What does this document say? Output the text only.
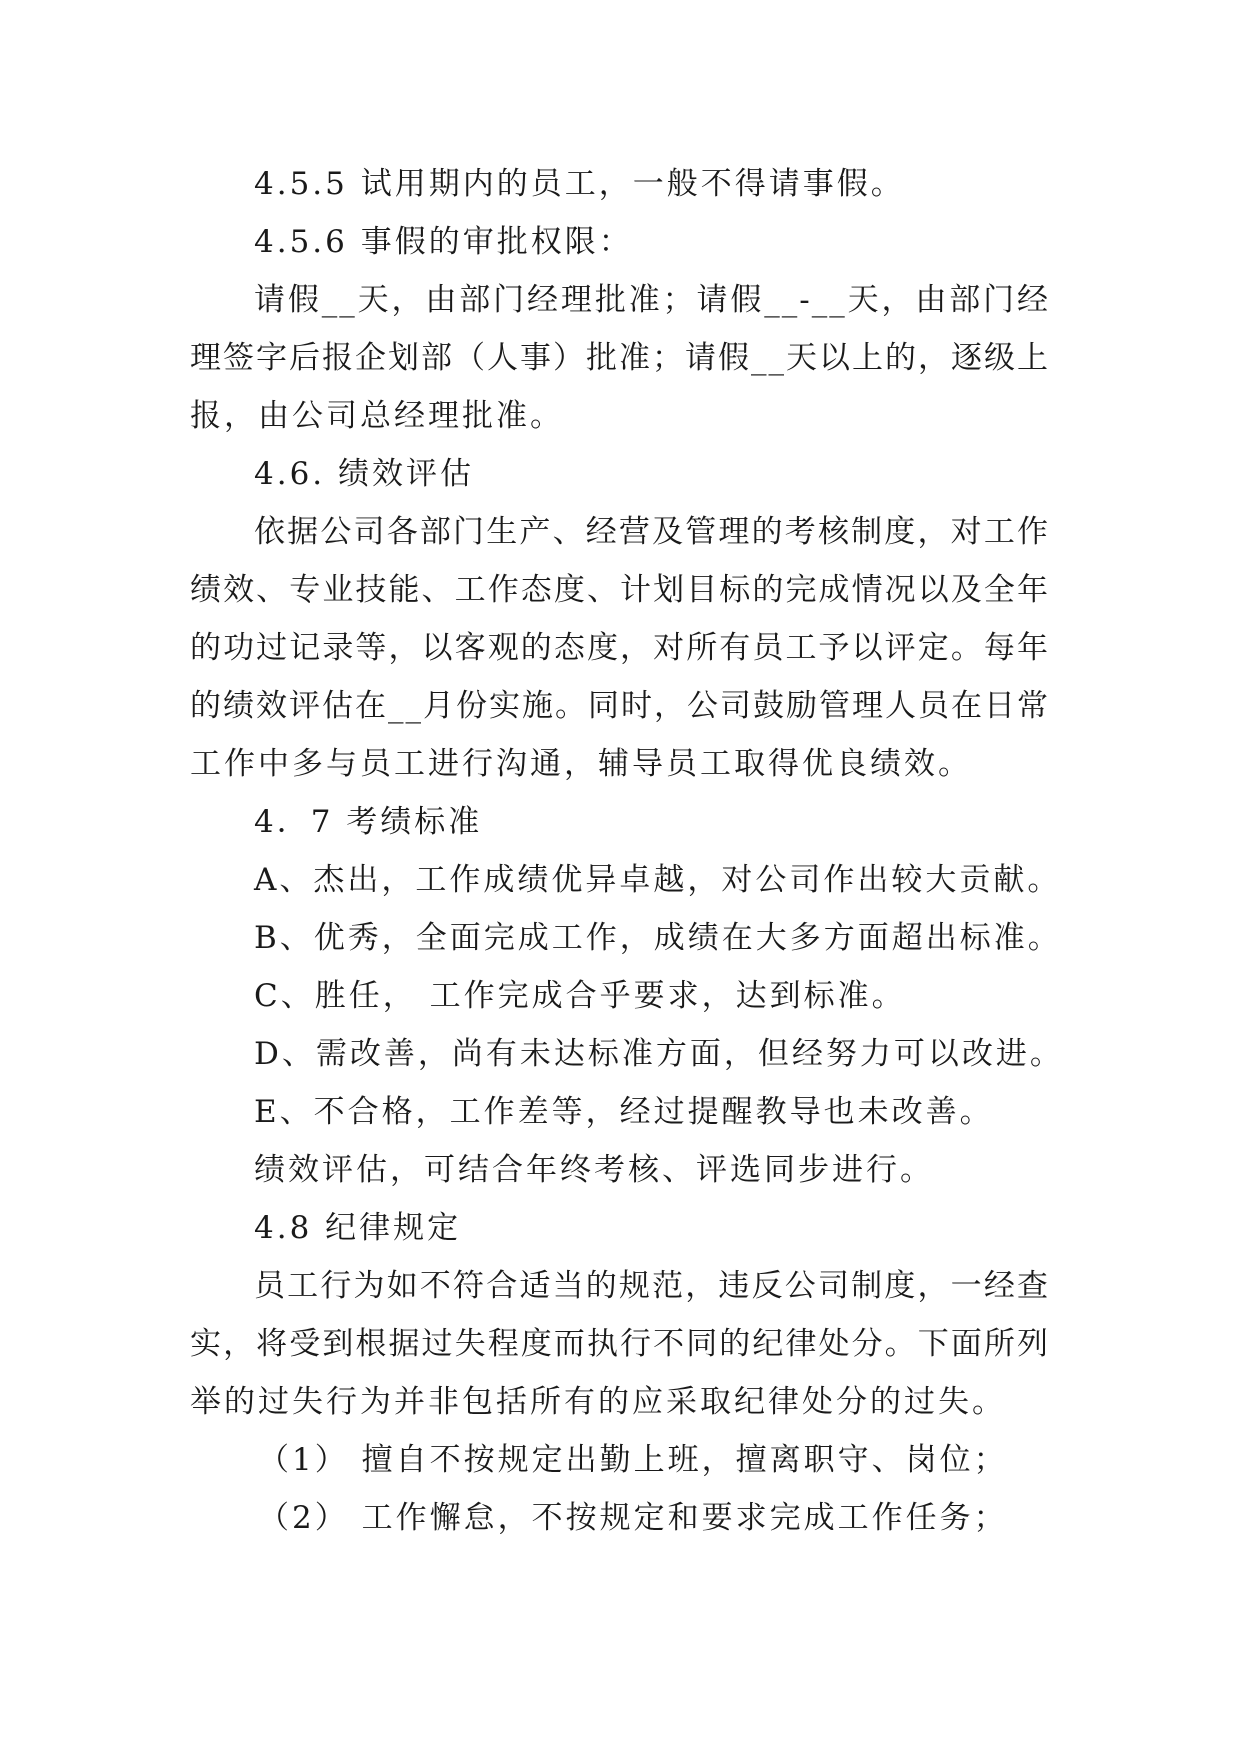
4.5.5 试用期内的员工，一般不得请事假。
4.5.6 事假的审批权限：
请假__天，由部门经理批准；请假__-__天，由部门经
理签字后报企划部（人事）批准；请假__天以上的，逐级上
报，由公司总经理批准。
4.6. 绩效评估
依据公司各部门生产、经营及管理的考核制度，对工作
绩效、专业技能、工作态度、计划目标的完成情况以及全年
的功过记录等，以客观的态度，对所有员工予以评定。每年
的绩效评估在__月份实施。同时，公司鼓励管理人员在日常
工作中多与员工进行沟通，辅导员工取得优良绩效。
4．7 考绩标准
A、杰出，工作成绩优异卓越，对公司作出较大贡献。
B、优秀，全面完成工作，成绩在大多方面超出标准。
C、胜任， 工作完成合乎要求，达到标准。
D、需改善，尚有未达标准方面，但经努力可以改进。
E、不合格，工作差等，经过提醒教导也未改善。
绩效评估，可结合年终考核、评选同步进行。
4.8 纪律规定
员工行为如不符合适当的规范，违反公司制度，一经查
实，将受到根据过失程度而执行不同的纪律处分。下面所列
举的过失行为并非包括所有的应采取纪律处分的过失。
（1） 擅自不按规定出勤上班，擅离职守、岗位；
（2） 工作懈怠，不按规定和要求完成工作任务；
